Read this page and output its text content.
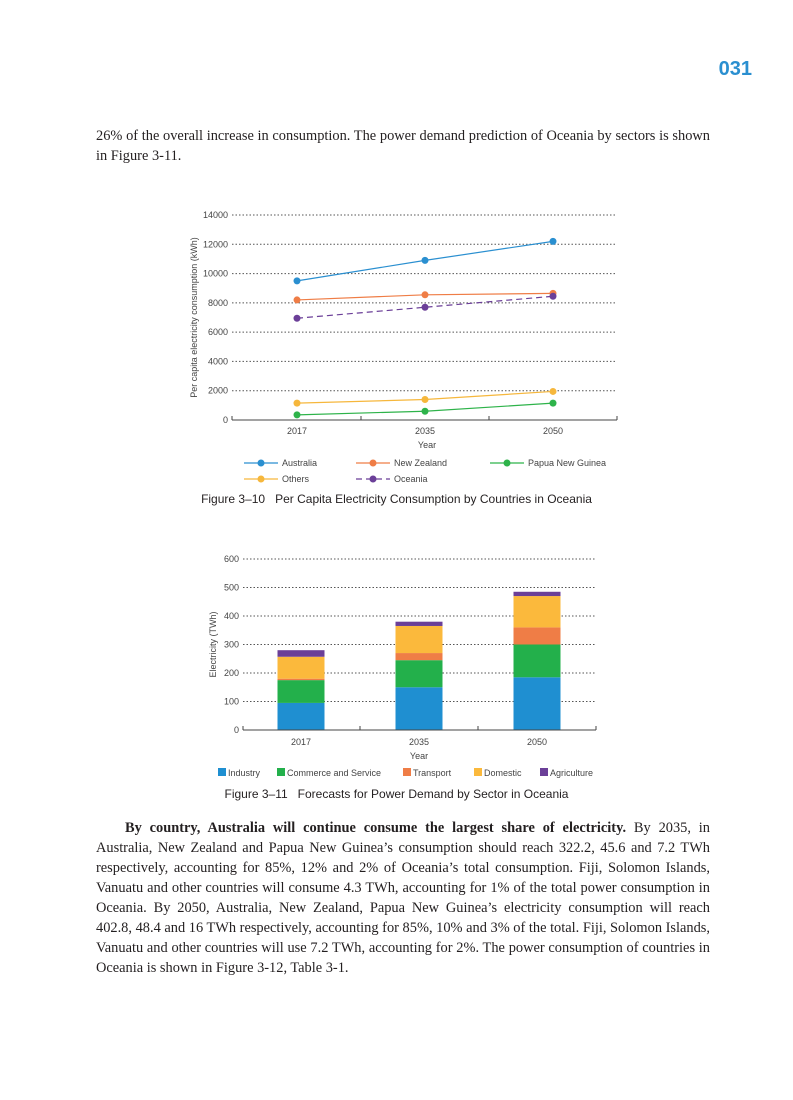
031

26% of the overall increase in consumption. The power demand prediction of Oceania by sectors is shown in Figure 3-11.

0
2000
4000
6000
8000
10000
12000
14000
2017	2035	2050
Year
Per capita electricity consumption (kWh)
Australia	New Zealand	Papua New Guinea
Others	Oceania
Figure 3–10 Per Capita Electricity Consumption by Countries in Oceania
0
100
200
300
400
500
600
2017	2035	2050
Year
Electricity (TWh)
Industry	Commerce and Service	Transport	Domestic	Agriculture
Figure 3–11 Forecasts for Power Demand by Sector in Oceania

By country, Australia will continue consume the largest share of electricity. By 2035, in Australia, New Zealand and Papua New Guinea’s consumption should reach 322.2, 45.6 and 7.2 TWh respectively, accounting for 85%, 12% and 2% of Oceania’s total consumption. Fiji, Solomon Islands, Vanuatu and other countries will consume 4.3 TWh, accounting for 1% of the total power consumption in Oceania. By 2050, Australia, New Zealand, Papua New Guinea’s electricity consumption will reach 402.8, 48.4 and 16 TWh respectively, accounting for 85%, 10% and 3% of the total. Fiji, Solomon Islands, Vanuatu and other countries will use 7.2 TWh, accounting for 2%. The power consumption of countries in Oceania is shown in Figure 3-12, Table 3-1.
